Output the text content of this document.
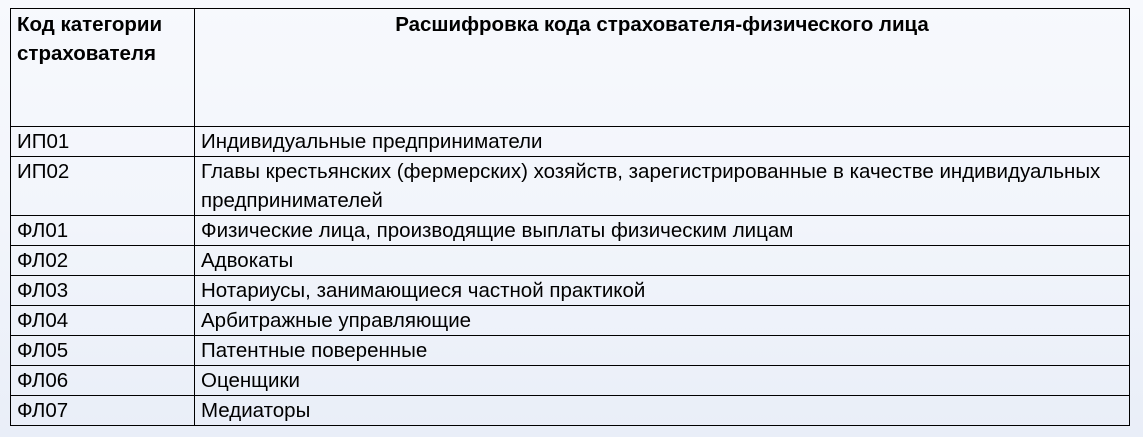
Код категории страхователя	Расшифровка кода страхователя-физического лица
ИП01	Индивидуальные предприниматели
ИП02	Главы крестьянских (фермерских) хозяйств, зарегистрированные в качестве индивидуальных предпринимателей
ФЛ01	Физические лица, производящие выплаты физическим лицам
ФЛ02	Адвокаты
ФЛ03	Нотариусы, занимающиеся частной практикой
ФЛ04	Арбитражные управляющие
ФЛ05	Патентные поверенные
ФЛ06	Оценщики
ФЛ07	Медиаторы
